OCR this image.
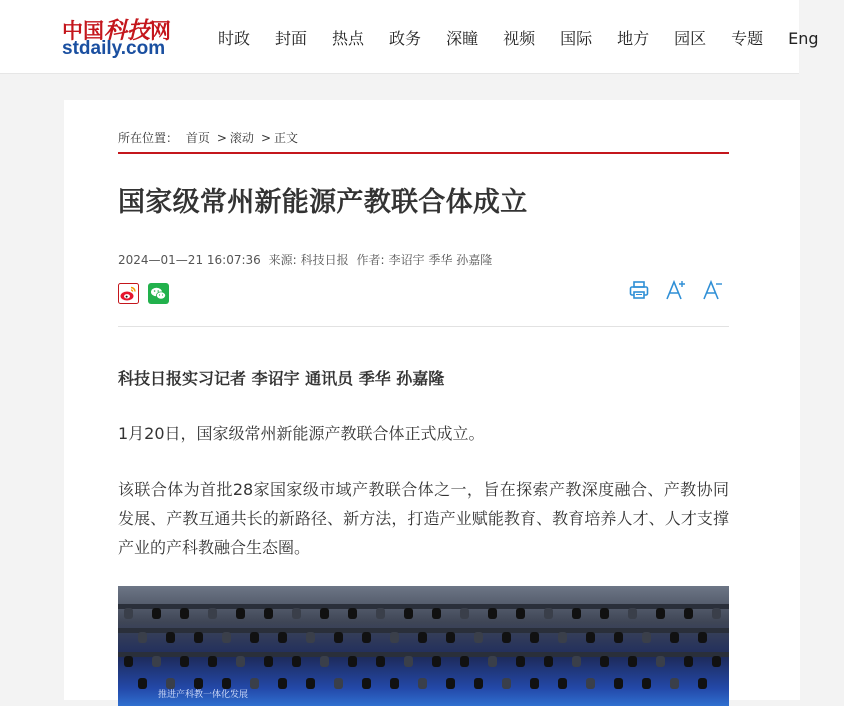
中国科技网
stdaily.com	时政 封面 热点 政务 深瞳 视频 国际 地方 园区 专题 Eng
所在位置： 首页 > 滚动 > 正文
国家级常州新能源产教联合体成立
2024—01—21 16:07:36 来源: 科技日报 作者: 李诏宇 季华 孙嘉隆

科技日报实习记者 李诏宇 通讯员 季华 孙嘉隆

1月20日，国家级常州新能源产教联合体正式成立。

该联合体为首批28家国家级市域产教联合体之一，旨在探索产教深度融合、产教协同发展、产教互通共长的新路径、新方法，打造产业赋能教育、教育培养人才、人才支撑产业的产科教融合生态圈。

推进产科教一体化发展
